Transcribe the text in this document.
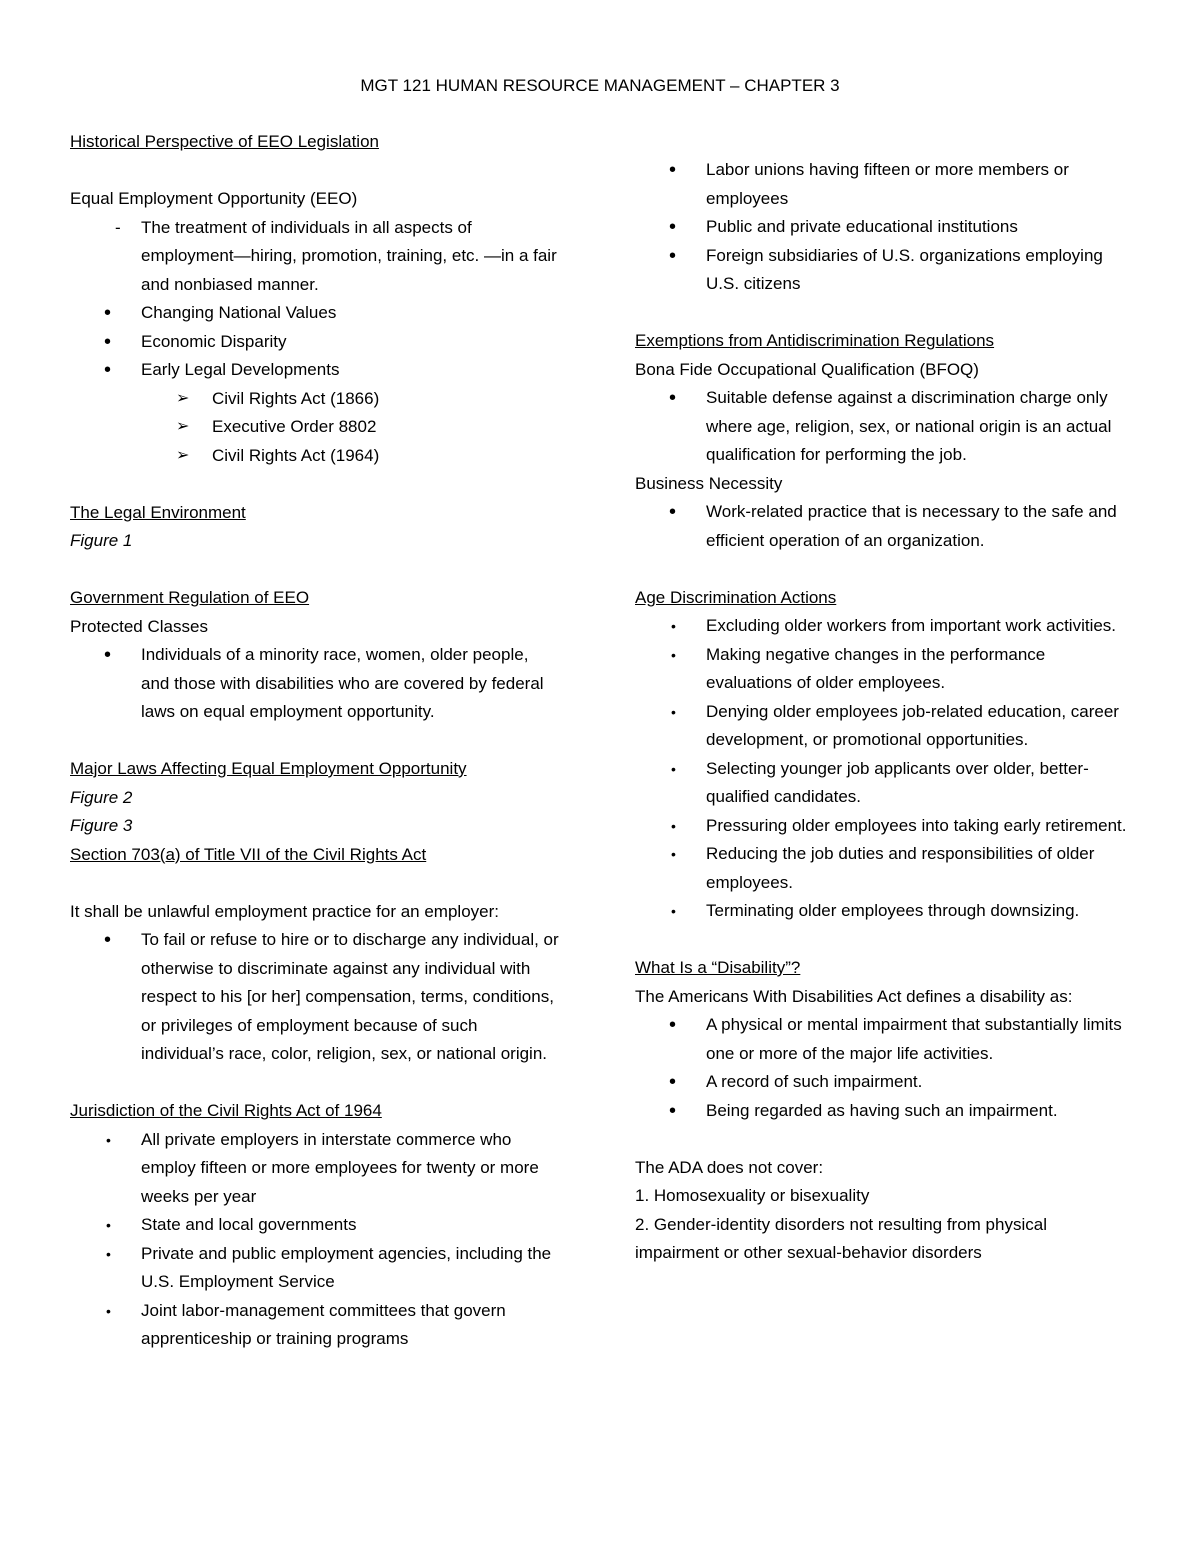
MGT 121 HUMAN RESOURCE MANAGEMENT – CHAPTER 3
Historical Perspective of EEO Legislation
Equal Employment Opportunity (EEO)
- The treatment of individuals in all aspects of employment—hiring, promotion, training, etc. —in a fair and nonbiased manner.
• Changing National Values
• Economic Disparity
• Early Legal Developments
➢ Civil Rights Act (1866)
➢ Executive Order 8802
➢ Civil Rights Act (1964)
The Legal Environment
Figure 1
Government Regulation of EEO
Protected Classes
• Individuals of a minority race, women, older people, and those with disabilities who are covered by federal laws on equal employment opportunity.
Major Laws Affecting Equal Employment Opportunity
Figure 2
Figure 3
Section 703(a) of Title VII of the Civil Rights Act
It shall be unlawful employment practice for an employer:
• To fail or refuse to hire or to discharge any individual, or otherwise to discriminate against any individual with respect to his [or her] compensation, terms, conditions, or privileges of employment because of such individual’s race, color, religion, sex, or national origin.
Jurisdiction of the Civil Rights Act of 1964
• All private employers in interstate commerce who employ fifteen or more employees for twenty or more weeks per year
• State and local governments
• Private and public employment agencies, including the U.S. Employment Service
• Joint labor-management committees that govern apprenticeship or training programs
• Labor unions having fifteen or more members or employees
• Public and private educational institutions
• Foreign subsidiaries of U.S. organizations employing U.S. citizens
Exemptions from Antidiscrimination Regulations
Bona Fide Occupational Qualification (BFOQ)
• Suitable defense against a discrimination charge only where age, religion, sex, or national origin is an actual qualification for performing the job.
Business Necessity
• Work-related practice that is necessary to the safe and efficient operation of an organization.
Age Discrimination Actions
• Excluding older workers from important work activities.
• Making negative changes in the performance evaluations of older employees.
• Denying older employees job-related education, career development, or promotional opportunities.
• Selecting younger job applicants over older, better-qualified candidates.
• Pressuring older employees into taking early retirement.
• Reducing the job duties and responsibilities of older employees.
• Terminating older employees through downsizing.
What Is a “Disability”?
The Americans With Disabilities Act defines a disability as:
• A physical or mental impairment that substantially limits one or more of the major life activities.
• A record of such impairment.
• Being regarded as having such an impairment.
The ADA does not cover:
1. Homosexuality or bisexuality
2. Gender-identity disorders not resulting from physical impairment or other sexual-behavior disorders
